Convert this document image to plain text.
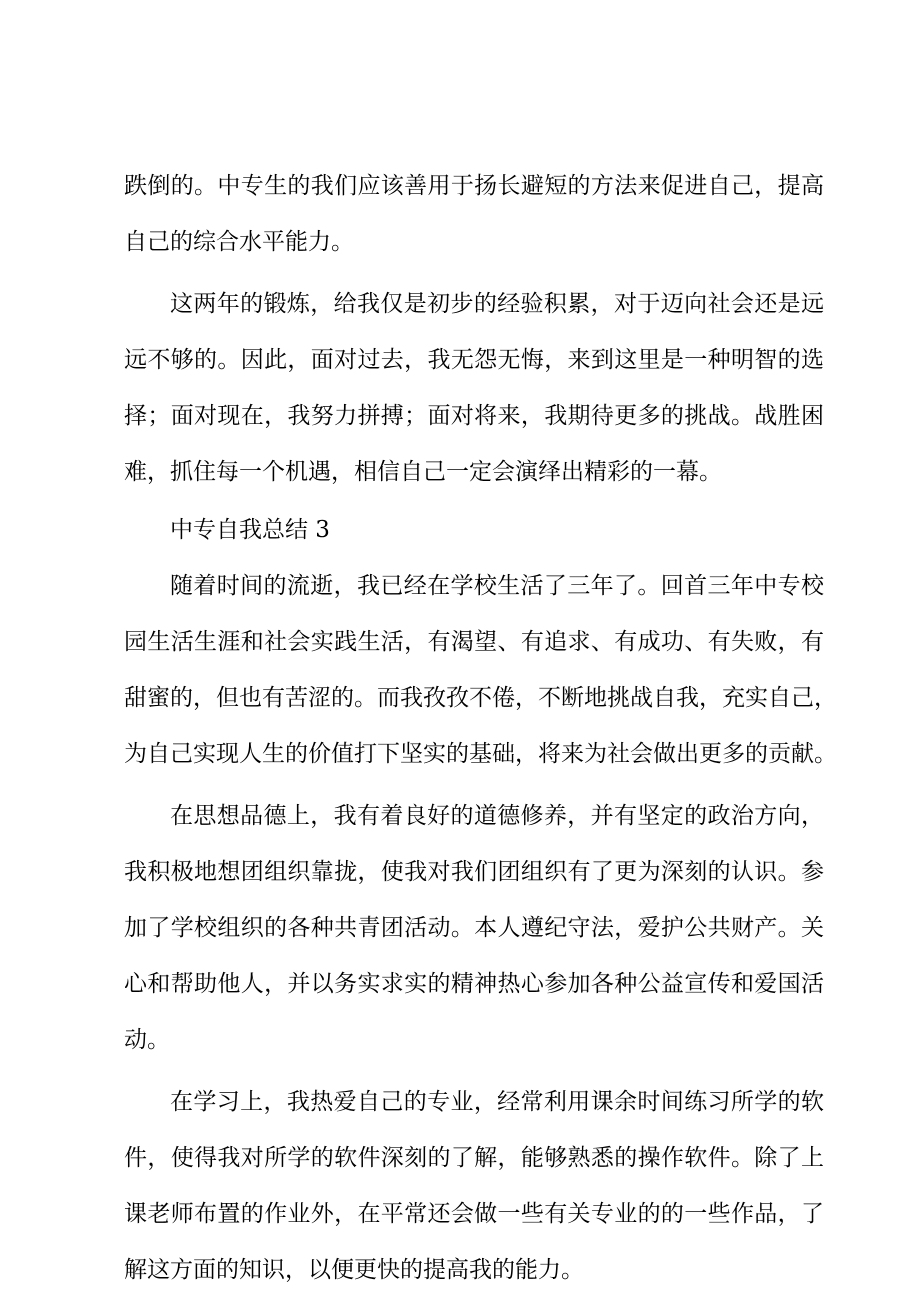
跌倒的。中专生的我们应该善用于扬长避短的方法来促进自己，提高
自己的综合水平能力。
这两年的锻炼，给我仅是初步的经验积累，对于迈向社会还是远
远不够的。因此，面对过去，我无怨无悔，来到这里是一种明智的选
择；面对现在，我努力拼搏；面对将来，我期待更多的挑战。战胜困
难，抓住每一个机遇，相信自己一定会演绎出精彩的一幕。
中专自我总结 3
随着时间的流逝，我已经在学校生活了三年了。回首三年中专校
园生活生涯和社会实践生活，有渴望、有追求、有成功、有失败，有
甜蜜的，但也有苦涩的。而我孜孜不倦，不断地挑战自我，充实自己，
为自己实现人生的价值打下坚实的基础，将来为社会做出更多的贡献。
在思想品德上，我有着良好的道德修养，并有坚定的政治方向，
我积极地想团组织靠拢，使我对我们团组织有了更为深刻的认识。参
加了学校组织的各种共青团活动。本人遵纪守法，爱护公共财产。关
心和帮助他人，并以务实求实的精神热心参加各种公益宣传和爱国活
动。
在学习上，我热爱自己的专业，经常利用课余时间练习所学的软
件，使得我对所学的软件深刻的了解，能够熟悉的操作软件。除了上
课老师布置的作业外，在平常还会做一些有关专业的的一些作品，了
解这方面的知识，以便更快的提高我的能力。
